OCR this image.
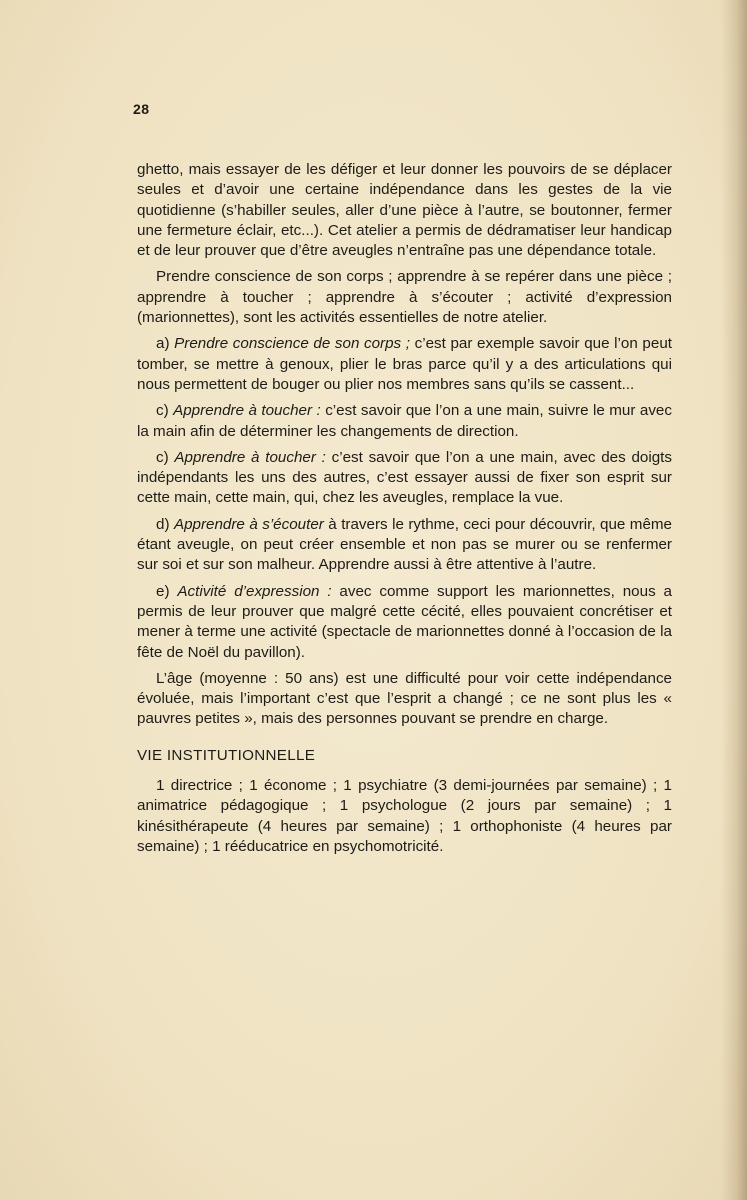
28

ghetto, mais essayer de les défiger et leur donner les pouvoirs de se déplacer seules et d’avoir une certaine indépendance dans les gestes de la vie quotidienne (s’habiller seules, aller d’une pièce à l’autre, se boutonner, fermer une fermeture éclair, etc...). Cet atelier a permis de dédramatiser leur handicap et de leur prouver que d’être aveugles n’entraîne pas une dépendance totale.

Prendre conscience de son corps ; apprendre à se repérer dans une pièce ; apprendre à toucher ; apprendre à s’écouter ; activité d’expression (marionnettes), sont les activités essentielles de notre atelier.

a) Prendre conscience de son corps ; c’est par exemple savoir que l’on peut tomber, se mettre à genoux, plier le bras parce qu’il y a des articulations qui nous permettent de bouger ou plier nos membres sans qu’ils se cassent...

c) Apprendre à toucher : c’est savoir que l’on a une main, suivre le mur avec la main afin de déterminer les changements de direction.

c) Apprendre à toucher : c’est savoir que l’on a une main, avec des doigts indépendants les uns des autres, c’est essayer aussi de fixer son esprit sur cette main, cette main, qui, chez les aveugles, remplace la vue.

d) Apprendre à s’écouter à travers le rythme, ceci pour découvrir, que même étant aveugle, on peut créer ensemble et non pas se murer ou se renfermer sur soi et sur son malheur. Apprendre aussi à être attentive à l’autre.

e) Activité d’expression : avec comme support les marionnettes, nous a permis de leur prouver que malgré cette cécité, elles pouvaient concrétiser et mener à terme une activité (spectacle de marionnettes donné à l’occasion de la fête de Noël du pavillon).

L’âge (moyenne : 50 ans) est une difficulté pour voir cette indépendance évoluée, mais l’important c’est que l’esprit a changé ; ce ne sont plus les « pauvres petites », mais des personnes pouvant se prendre en charge.

VIE INSTITUTIONNELLE

1 directrice ; 1 économe ; 1 psychiatre (3 demi-journées par semaine) ; 1 animatrice pédagogique ; 1 psychologue (2 jours par semaine) ; 1 kinésithérapeute (4 heures par semaine) ; 1 orthophoniste (4 heures par semaine) ; 1 rééducatrice en psychomotricité.
